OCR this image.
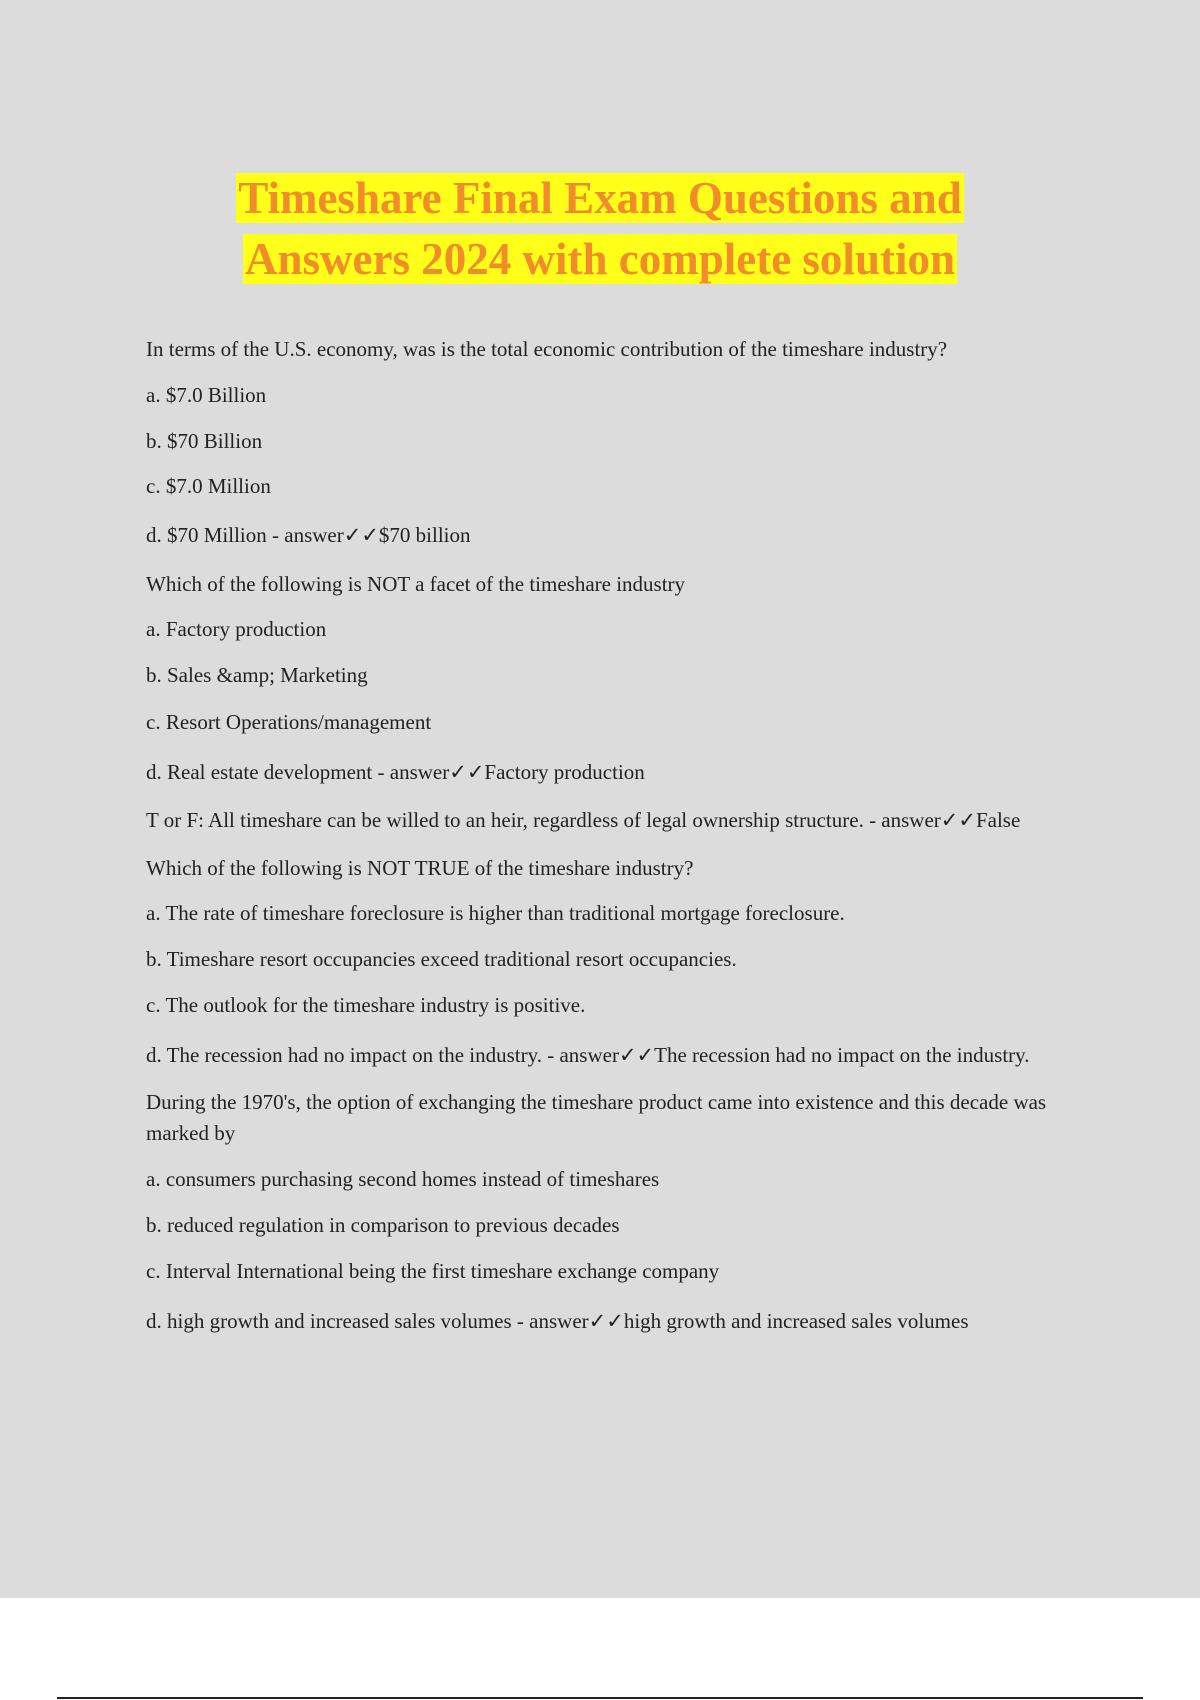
Timeshare Final Exam Questions and
Answers 2024 with complete solution

In terms of the U.S. economy, was is the total economic contribution of the timeshare industry?

a. $7.0 Billion

b. $70 Billion

c. $7.0 Million

d. $70 Million - answer✓✓$70 billion

Which of the following is NOT a facet of the timeshare industry

a. Factory production

b. Sales &amp; Marketing

c. Resort Operations/management

d. Real estate development - answer✓✓Factory production

T or F: All timeshare can be willed to an heir, regardless of legal ownership structure. - answer✓✓False

Which of the following is NOT TRUE of the timeshare industry?

a. The rate of timeshare foreclosure is higher than traditional mortgage foreclosure.

b. Timeshare resort occupancies exceed traditional resort occupancies.

c. The outlook for the timeshare industry is positive.

d. The recession had no impact on the industry. - answer✓✓The recession had no impact on the industry.

During the 1970's, the option of exchanging the timeshare product came into existence and this decade was marked by

a. consumers purchasing second homes instead of timeshares

b. reduced regulation in comparison to previous decades

c. Interval International being the first timeshare exchange company

d. high growth and increased sales volumes - answer✓✓high growth and increased sales volumes
